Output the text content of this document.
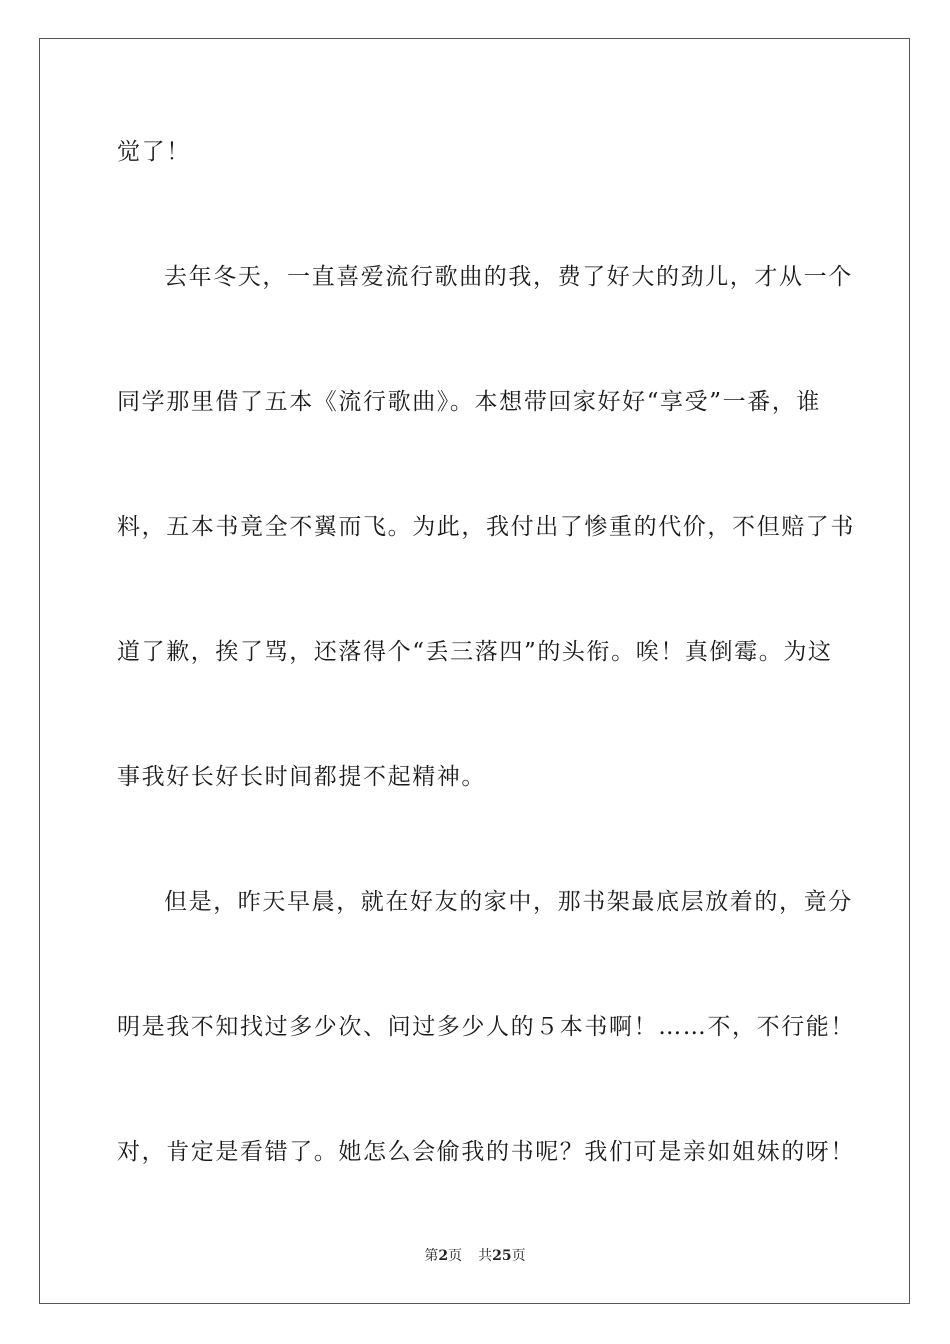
觉了！
去年冬天，一直喜爱流行歌曲的我，费了好大的劲儿，才从一个
同学那里借了五本《流行歌曲》。本想带回家好好“享受”一番，谁
料，五本书竟全不翼而飞。为此，我付出了惨重的代价，不但赔了书
道了歉，挨了骂，还落得个“丢三落四”的头衔。唉！真倒霉。为这
事我好长好长时间都提不起精神。
但是，昨天早晨，就在好友的家中，那书架最底层放着的，竟分
明是我不知找过多少次、问过多少人的５本书啊！……不，不行能！
对，肯定是看错了。她怎么会偷我的书呢？我们可是亲如姐妹的呀！
第2页 共25页
